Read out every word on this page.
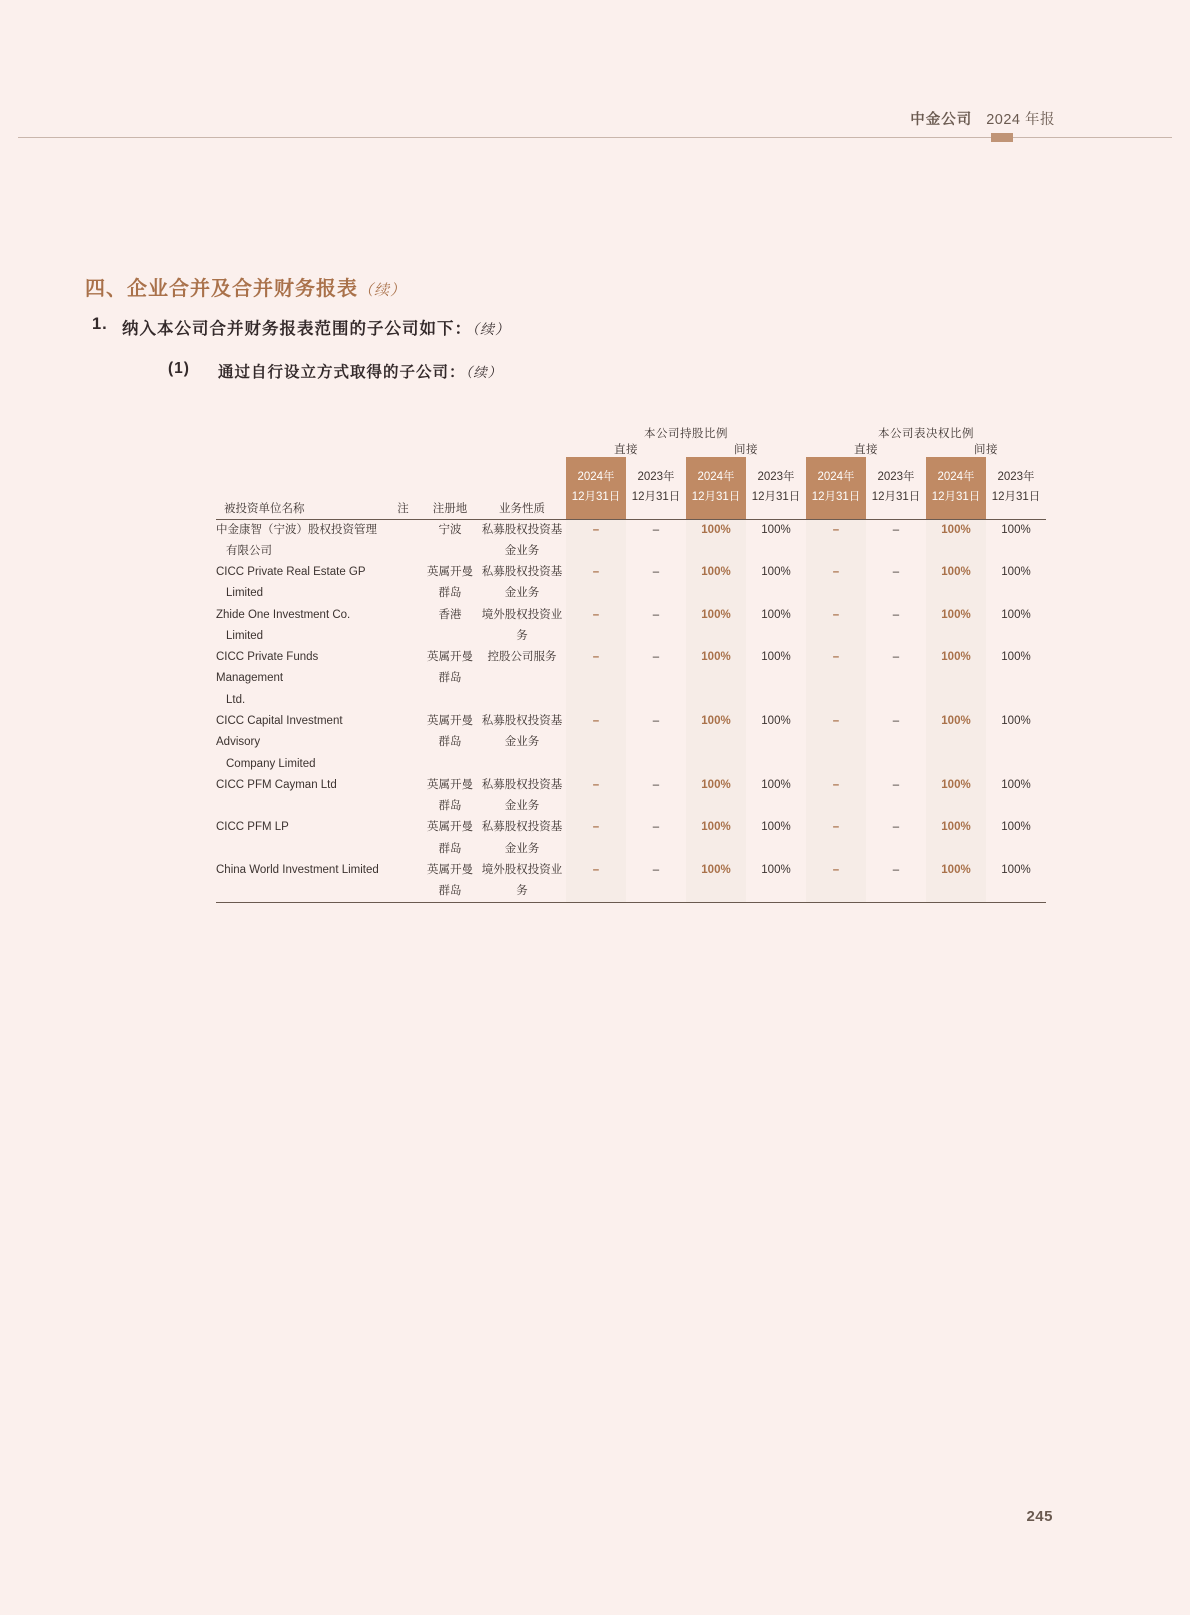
中金公司 2024 年报
四、企业合并及合并财务报表（续）
1. 纳入本公司合并财务报表范围的子公司如下：（续）
(1) 通过自行设立方式取得的子公司：（续）
				本公司持股比例				本公司表决权比例			
				直接		间接		直接		间接	
				2024年	2023年	2024年	2023年	2024年	2023年	2024年	2023年
被投资单位名称	注	注册地	业务性质	12月31日	12月31日	12月31日	12月31日	12月31日	12月31日	12月31日	12月31日
中金康智（宁波）股权投资管理
有限公司		宁波	私募股权投资基
金业务	–	–	100%	100%	–	–	100%	100%
CICC Private Real Estate GP
Limited		英属开曼
群岛	私募股权投资基
金业务	–	–	100%	100%	–	–	100%	100%
Zhide One Investment Co.
Limited		香港	境外股权投资业
务	–	–	100%	100%	–	–	100%	100%
CICC Private Funds Management
Ltd.		英属开曼
群岛	控股公司服务	–	–	100%	100%	–	–	100%	100%
CICC Capital Investment Advisory
Company Limited		英属开曼
群岛	私募股权投资基
金业务	–	–	100%	100%	–	–	100%	100%
CICC PFM Cayman Ltd		英属开曼
群岛	私募股权投资基
金业务	–	–	100%	100%	–	–	100%	100%
CICC PFM LP		英属开曼
群岛	私募股权投资基
金业务	–	–	100%	100%	–	–	100%	100%
China World Investment Limited		英属开曼
群岛	境外股权投资业
务	–	–	100%	100%	–	–	100%	100%
245
